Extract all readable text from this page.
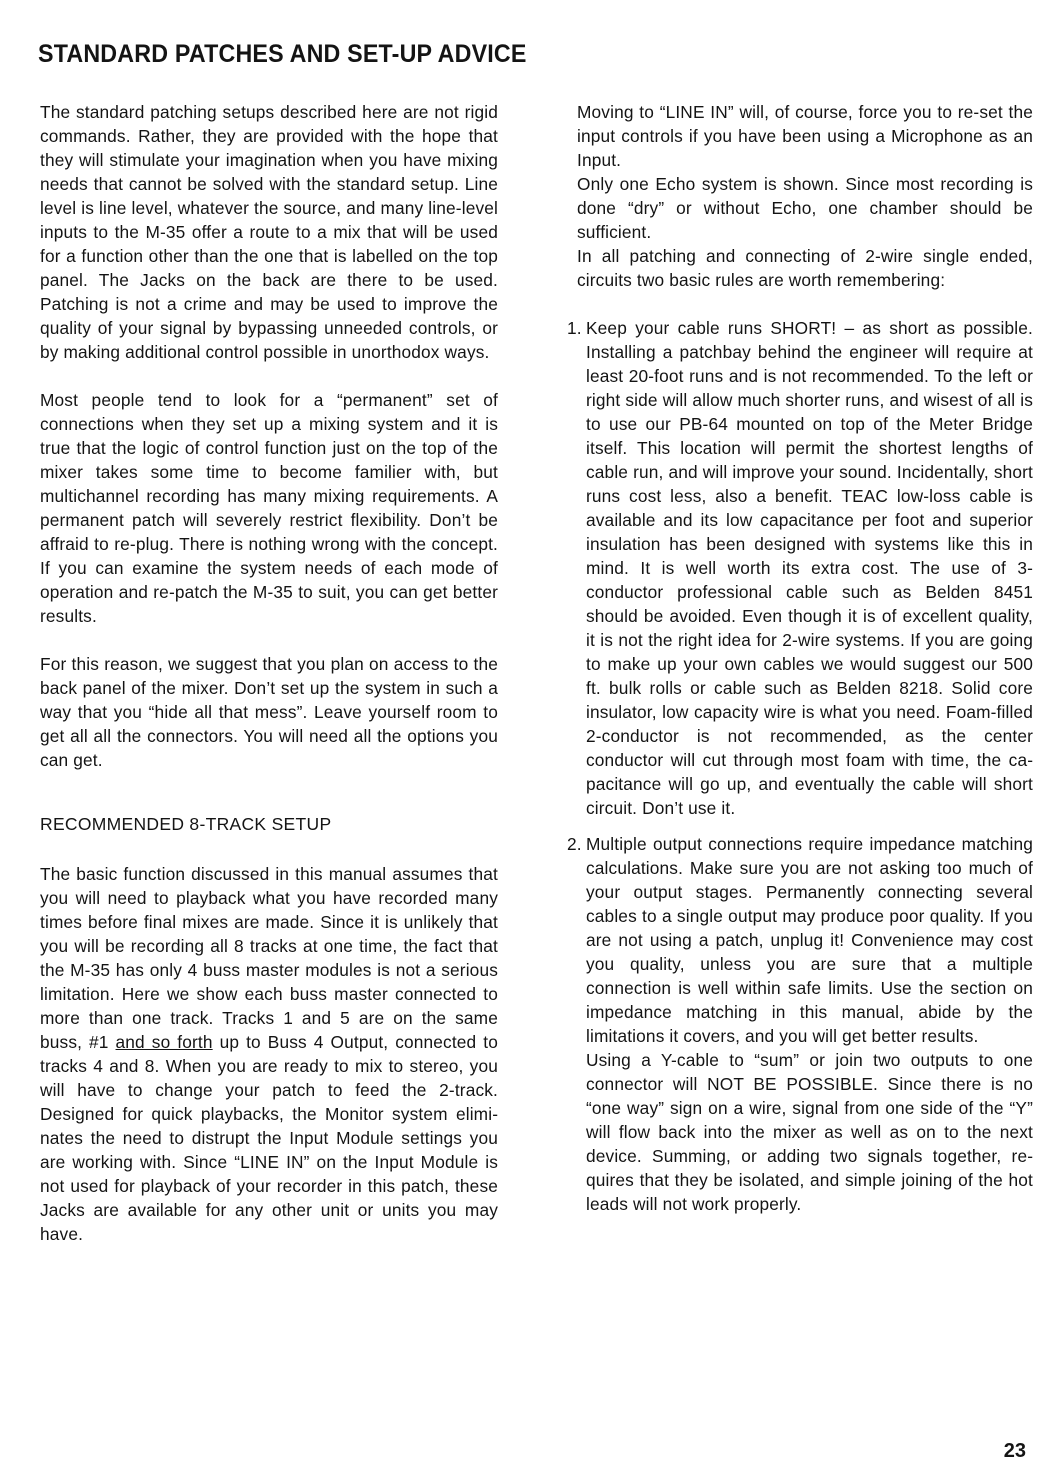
STANDARD PATCHES AND SET-UP ADVICE

The standard patching setups described here are not rigid commands. Rather, they are provided with the hope that they will stimulate your imagination when you have mixing needs that cannot be solved with the standard setup. Line level is line level, whatever the source, and many line-level inputs to the M-35 offer a route to a mix that will be used for a function other than the one that is labelled on the top panel. The Jacks on the back are there to be used. Patching is not a crime and may be used to improve the quality of your signal by bypassing unneeded controls, or by making additional control possible in unorthodox ways.

Most people tend to look for a “permanent” set of connections when they set up a mixing system and it is true that the logic of control function just on the top of the mixer takes some time to become familier with, but multichannel recording has many mixing requirements. A permanent patch will severely restrict flexibility. Don’t be affraid to re-plug. There is nothing wrong with the concept. If you can examine the system needs of each mode of operation and re-patch the M-35 to suit, you can get better results.

For this reason, we suggest that you plan on access to the back panel of the mixer. Don’t set up the system in such a way that you “hide all that mess”. Leave yourself room to get all all the connectors. You will need all the options you can get.

RECOMMENDED 8-TRACK SETUP

The basic function discussed in this manual assumes that you will need to playback what you have recorded many times before final mixes are made. Since it is unlikely that you will be recording all 8 tracks at one time, the fact that the M-35 has only 4 buss master modules is not a serious limitation. Here we show each buss master connected to more than one track. Tracks 1 and 5 are on the same buss, #1 and so forth up to Buss 4 Output, connected to tracks 4 and 8. When you are ready to mix to stereo, you will have to change your patch to feed the 2-track. Designed for quick playbacks, the Monitor system eliminates the need to distrupt the Input Module settings you are working with. Since “LINE IN” on the Input Module is not used for playback of your recorder in this patch, these Jacks are available for any other unit or units you may have.

Moving to “LINE IN” will, of course, force you to re-set the input controls if you have been using a Microphone as an Input.

Only one Echo system is shown. Since most recording is done “dry” or without Echo, one chamber should be sufficient.

In all patching and connecting of 2-wire single ended, circuits two basic rules are worth remembering:

1. Keep your cable runs SHORT! – as short as possible. Installing a patchbay behind the engineer will require at least 20-foot runs and is not recommended. To the left or right side will allow much shorter runs, and wisest of all is to use our PB-64 mounted on top of the Meter Bridge itself. This location will permit the shortest lengths of cable run, and will improve your sound. Incidentally, short runs cost less, also a benefit. TEAC low-loss cable is available and its low capacitance per foot and superior insulation has been designed with systems like this in mind. It is well worth its extra cost. The use of 3-conductor professional cable such as Belden 8451 should be avoided. Even though it is of excellent quality, it is not the right idea for 2-wire systems. If you are going to make up your own cables we would suggest our 500 ft. bulk rolls or cable such as Belden 8218. Solid core insulator, low capacity wire is what you need. Foam-filled 2-conductor is not recommended, as the center conductor will cut through most foam with time, the capacitance will go up, and eventually the cable will short circuit. Don’t use it.

2. Multiple output connections require impedance matching calculations. Make sure you are not asking too much of your output stages. Permanently connecting several cables to a single output may produce poor quality. If you are not using a patch, unplug it! Convenience may cost you quality, unless you are sure that a multiple connection is well within safe limits. Use the section on impedance matching in this manual, abide by the limitations it covers, and you will get better results.

Using a Y-cable to “sum” or join two outputs to one connector will NOT BE POSSIBLE. Since there is no “one way” sign on a wire, signal from one side of the “Y” will flow back into the mixer as well as on to the next device. Summing, or adding two signals together, requires that they be isolated, and simple joining of the hot leads will not work properly.

23
